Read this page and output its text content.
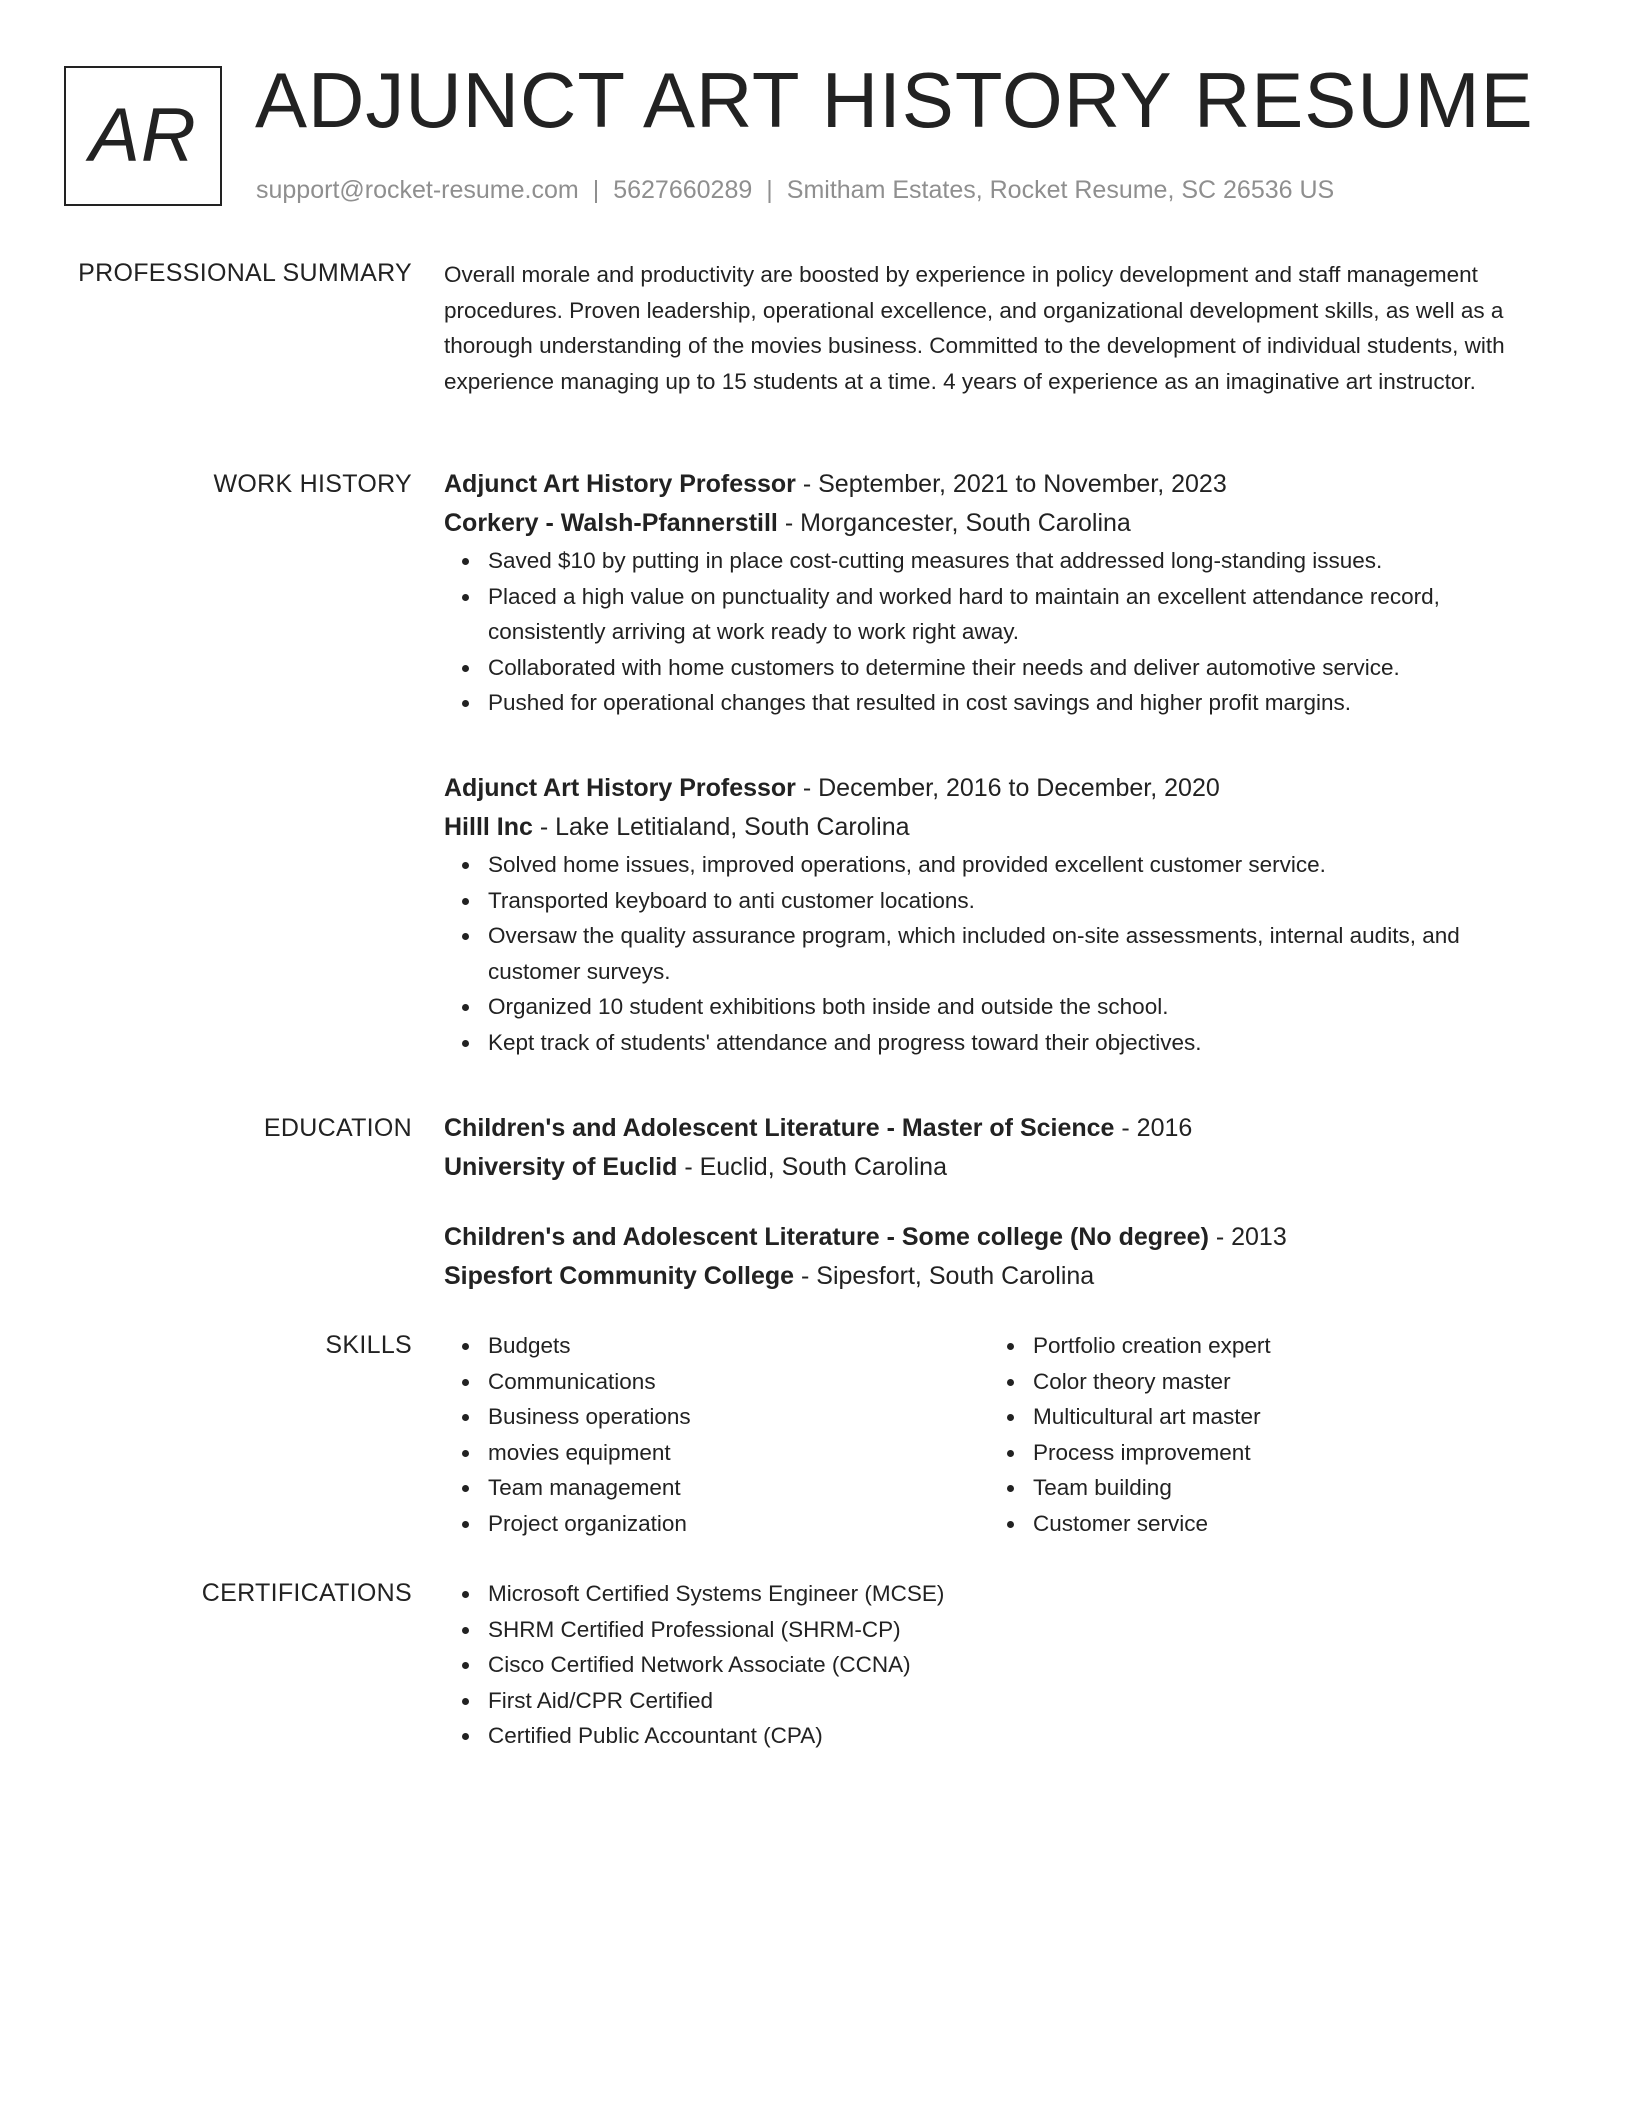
AR ADJUNCT ART HISTORY RESUME
support@rocket-resume.com | 5627660289 | Smitham Estates, Rocket Resume, SC 26536 US
PROFESSIONAL SUMMARY Overall morale and productivity are boosted by experience in policy development and staff management procedures. Proven leadership, operational excellence, and organizational development skills, as well as a thorough understanding of the movies business. Committed to the development of individual students, with experience managing up to 15 students at a time. 4 years of experience as an imaginative art instructor.

WORK HISTORY Adjunct Art History Professor - September, 2021 to November, 2023

Corkery - Walsh-Pfannerstill - Morgancester, South Carolina

Saved $10 by putting in place cost-cutting measures that addressed long-standing issues.
Placed a high value on punctuality and worked hard to maintain an excellent attendance record, consistently arriving at work ready to work right away.
Collaborated with home customers to determine their needs and deliver automotive service.
Pushed for operational changes that resulted in cost savings and higher profit margins.

Adjunct Art History Professor - December, 2016 to December, 2020

Hilll Inc - Lake Letitialand, South Carolina

Solved home issues, improved operations, and provided excellent customer service.
Transported keyboard to anti customer locations.
Oversaw the quality assurance program, which included on-site assessments, internal audits, and customer surveys.
Organized 10 student exhibitions both inside and outside the school.
Kept track of students' attendance and progress toward their objectives.
EDUCATION Children's and Adolescent Literature - Master of Science - 2016

University of Euclid - Euclid, South Carolina

Children's and Adolescent Literature - Some college (No degree) - 2013

Sipesfort Community College - Sipesfort, South Carolina

SKILLS	Budgets
Communications
Business operations
movies equipment
Team management
Project organization
Portfolio creation expert
Color theory master
Multicultural art master
Process improvement
Team building
Customer service
CERTIFICATIONS	Microsoft Certified Systems Engineer (MCSE)
SHRM Certified Professional (SHRM-CP)
Cisco Certified Network Associate (CCNA)
First Aid/CPR Certified
Certified Public Accountant (CPA)
